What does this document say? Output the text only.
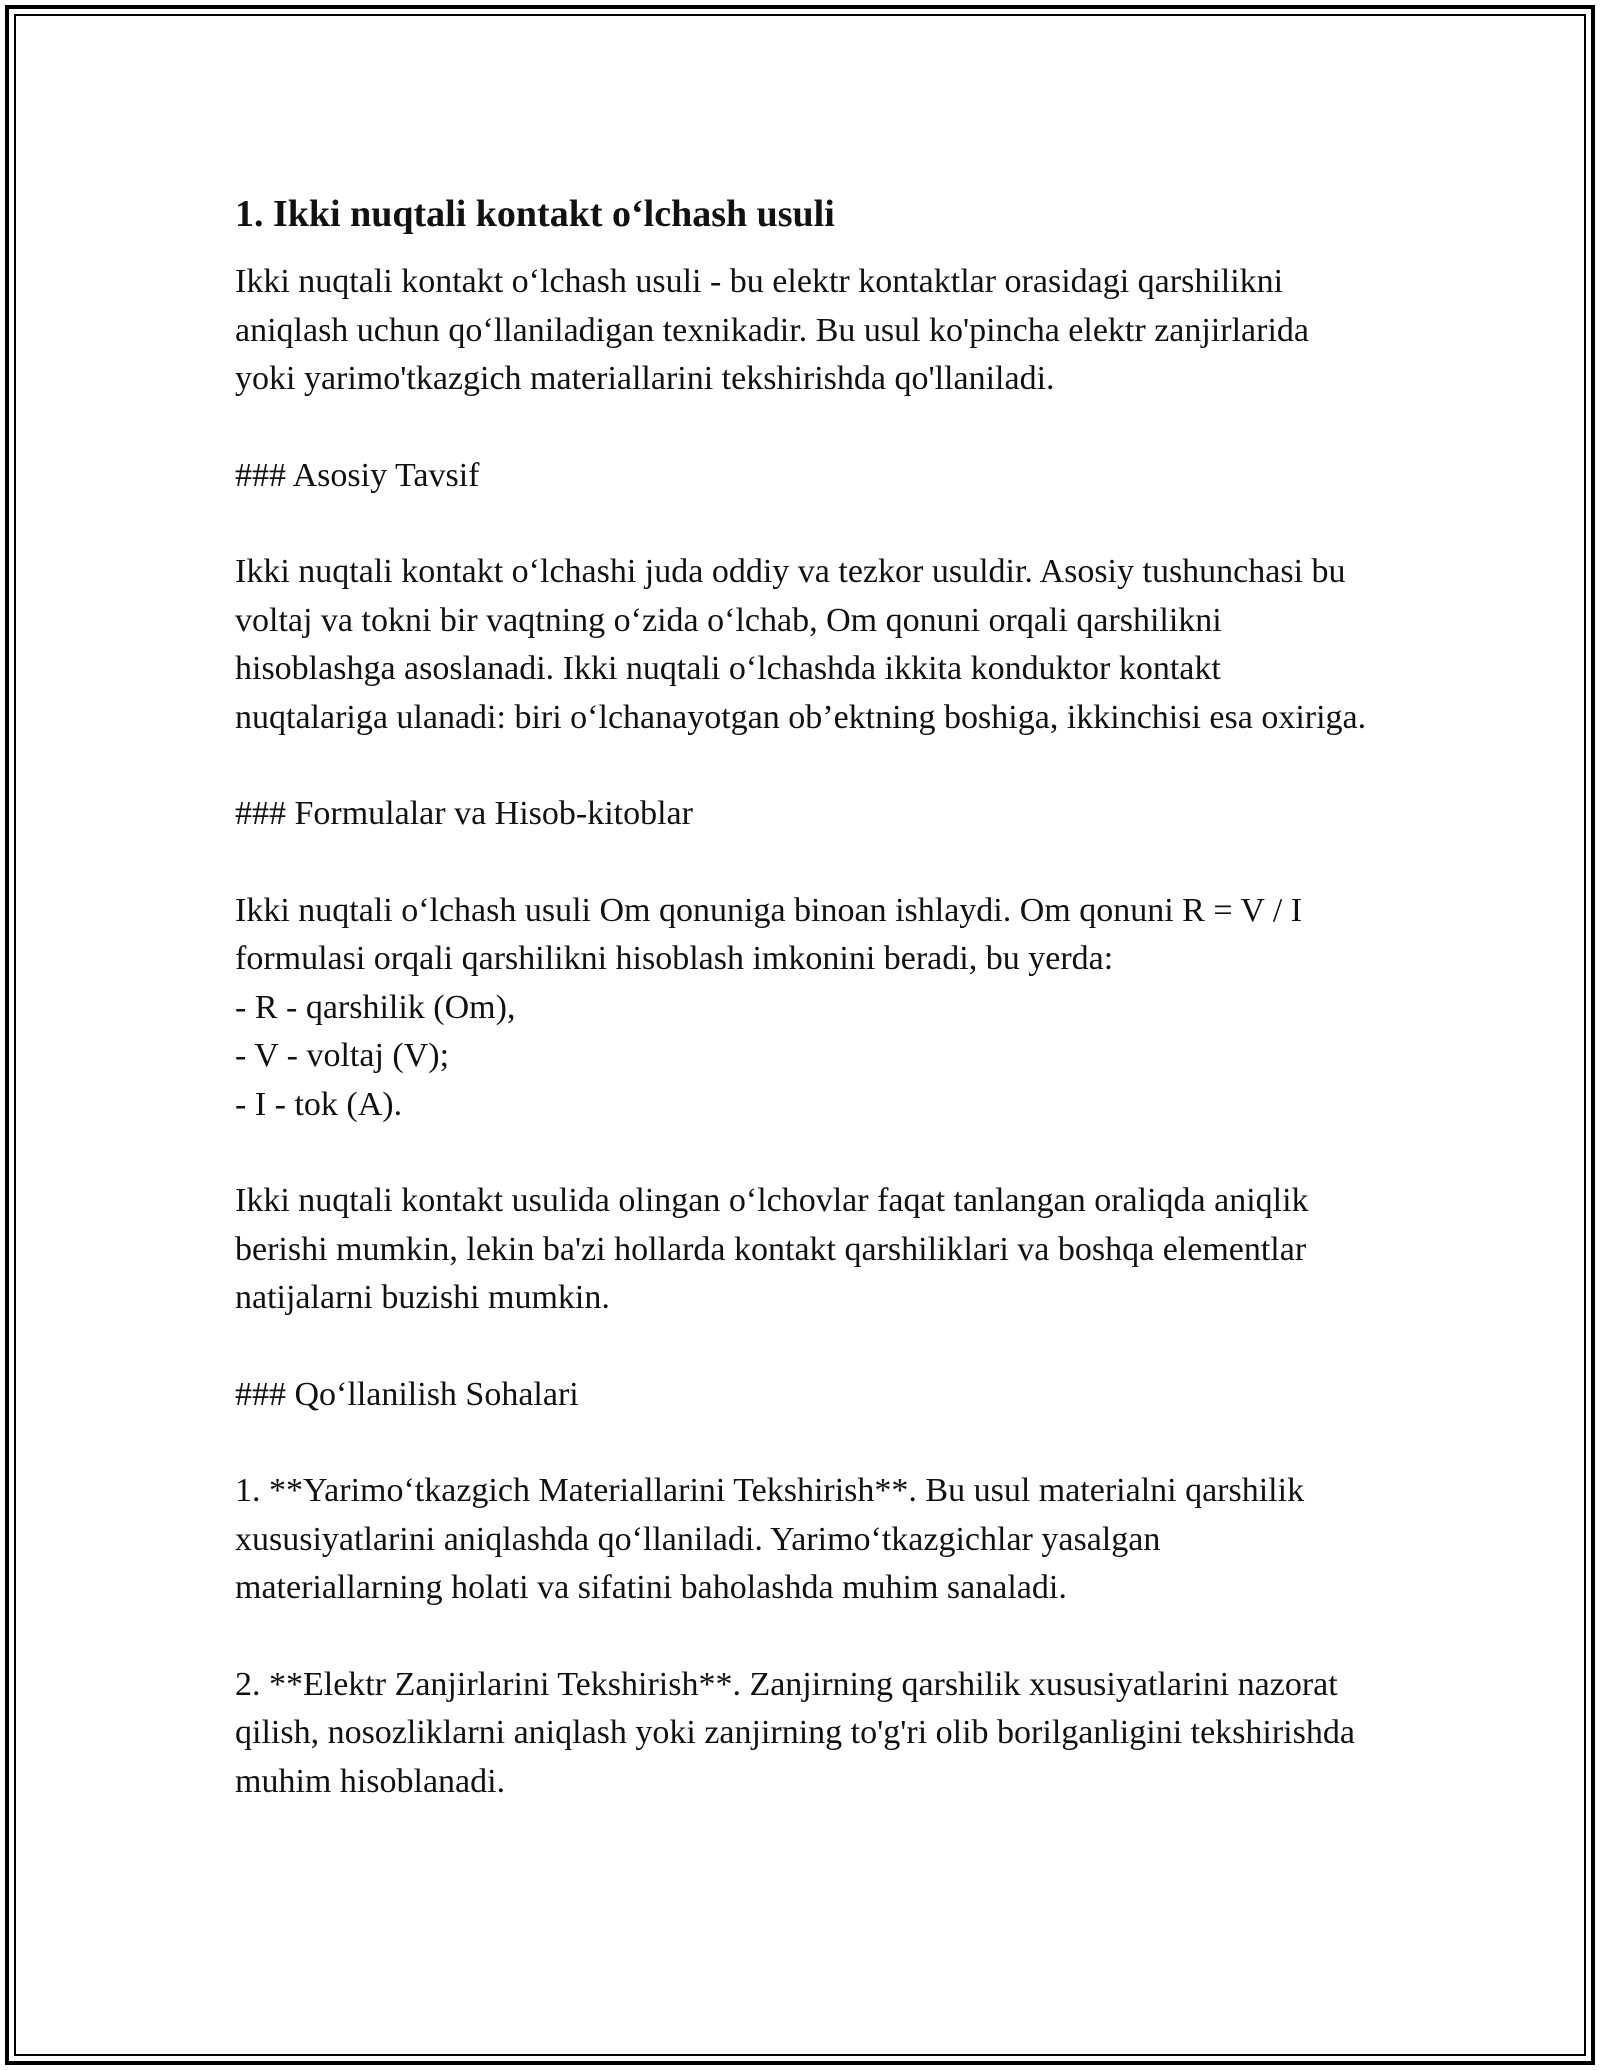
1. Ikki nuqtali kontakt o‘lchash usuli

Ikki nuqtali kontakt o‘lchash usuli - bu elektr kontaktlar orasidagi qarshilikni aniqlash uchun qo‘llaniladigan texnikadir. Bu usul ko'pincha elektr zanjirlarida yoki yarimo'tkazgich materiallarini tekshirishda qo'llaniladi.

### Asosiy Tavsif

Ikki nuqtali kontakt o‘lchashi juda oddiy va tezkor usuldir. Asosiy tushunchasi bu voltaj va tokni bir vaqtning o‘zida o‘lchab, Om qonuni orqali qarshilikni hisoblashga asoslanadi. Ikki nuqtali o‘lchashda ikkita konduktor kontakt nuqtalariga ulanadi: biri o‘lchanayotgan ob’ektning boshiga, ikkinchisi esa oxiriga.

### Formulalar va Hisob-kitoblar

Ikki nuqtali o‘lchash usuli Om qonuniga binoan ishlaydi. Om qonuni R = V / I formulasi orqali qarshilikni hisoblash imkonini beradi, bu yerda:
- R - qarshilik (Om),
- V - voltaj (V);
- I - tok (A).

Ikki nuqtali kontakt usulida olingan o‘lchovlar faqat tanlangan oraliqda aniqlik berishi mumkin, lekin ba'zi hollarda kontakt qarshiliklari va boshqa elementlar natijalarni buzishi mumkin.

### Qo‘llanilish Sohalari

1. **Yarimo‘tkazgich Materiallarini Tekshirish**. Bu usul materialni qarshilik xususiyatlarini aniqlashda qo‘llaniladi. Yarimo‘tkazgichlar yasalgan materiallarning holati va sifatini baholashda muhim sanaladi.

2. **Elektr Zanjirlarini Tekshirish**. Zanjirning qarshilik xususiyatlarini nazorat qilish, nosozliklarni aniqlash yoki zanjirning to'g'ri olib borilganligini tekshirishda muhim hisoblanadi.
